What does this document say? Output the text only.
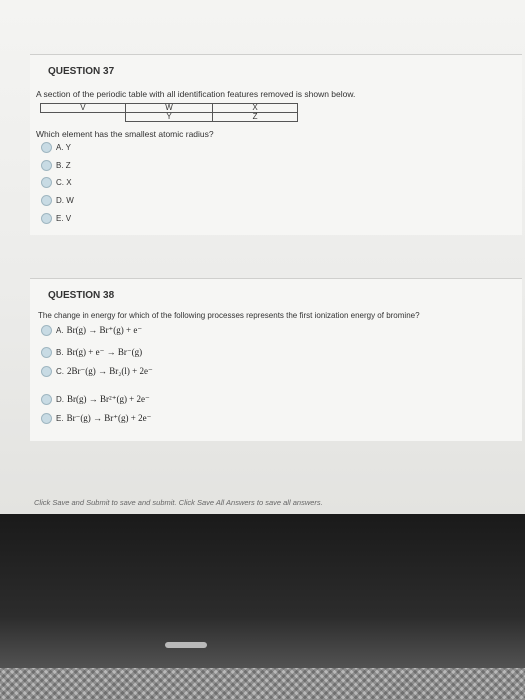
QUESTION 37
A section of the periodic table with all identification features removed is shown below.
V	W	X
	Y	Z
Which element has the smallest atomic radius?
A. Y
B. Z
C. X
D. W
E. V
QUESTION 38
The change in energy for which of the following processes represents the first ionization energy of bromine?
A. Br(g) → Br⁺(g) + e⁻
B. Br(g) + e⁻ → Br⁻(g)
C. 2Br⁻(g) → Br₂(l) + 2e⁻
D. Br(g) → Br²⁺(g) + 2e⁻
E. Br⁻(g) → Br⁺(g) + 2e⁻
Click Save and Submit to save and submit. Click Save All Answers to save all answers.
